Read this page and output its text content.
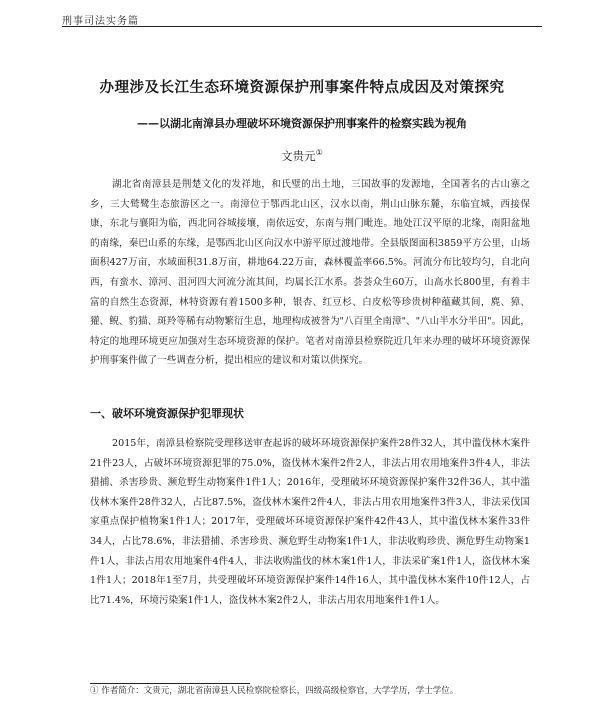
刑事司法实务篇
办理涉及长江生态环境资源保护刑事案件特点成因及对策探究
——以湖北南漳县办理破坏环境资源保护刑事案件的检察实践为视角
文贵元①

湖北省南漳县是荆楚文化的发祥地，和氏璧的出土地，三国故事的发源地，全国著名的古山寨之乡，三大鹫鹭生态旅游区之一。南漳位于鄂西北山区，汉水以南，荆山山脉东麓，东临宜城，西接保康，东北与襄阳为临，西北同谷城接壤，南依远安，东南与荆门毗连。地处江汉平原的北缘，南阳盆地的南缘，秦巴山系的东缘，是鄂西北山区向汉水中游平原过渡地带。全县版图面积3859平方公里，山场面积427万亩，水域面积31.8万亩，耕地64.22万亩，森林覆盖率66.5%。河流分布比较均匀，自北向西，有蛮水、漳河、沮河四大河流分流其间，均属长江水系。荟荟众生60万，山高水长800里，有着丰富的自然生态资源，林特资源有着1500多种，银杏、红豆杉、白皮松等珍贵树种蕴藏其间，麂、獐、獾、鲵、豹猫、斑羚等稀有动物繁衍生息，地理构成被誉为"八百里全南漳"、"八山半水分半田"。因此，特定的地理环境更应加强对生态环境资源的保护。笔者对南漳县检察院近几年来办理的破坏环境资源保护刑事案件做了一些调查分析，提出相应的建议和对策以供探究。

一、破坏环境资源保护犯罪现状

2015年，南漳县检察院受理移送审查起诉的破坏环境资源保护案件28件32人，其中滥伐林木案件21件23人，占破坏环境资源犯罪的75.0%，盗伐林木案件2件2人，非法占用农用地案件3件4人，非法猎捕、杀害珍贵、濒危野生动物案件1件1人；2016年，受理破坏环境资源保护案件32件36人，其中滥伐林木案件28件32人，占比87.5%，盗伐林木案件2件4人，非法占用农用地案件3件3人，非法采伐国家重点保护植物案1件1人；2017年，受理破坏环境资源保护案件42件43人，其中滥伐林木案件33件34人，占比78.6%，非法猎捕、杀害珍贵、濒危野生动物案1件1人，非法收购珍贵、濒危野生动物案1件1人，非法占用农用地案件4件4人，非法收购滥伐的林木案1件1人，非法采矿案1件1人，盗伐林木案1件1人；2018年1至7月，共受理破坏环境资源保护案件14件16人，其中滥伐林木案件10件12人，占比71.4%，环境污染案1件1人，盗伐林木案2件2人，非法占用农用地案件1件1人。

① 作者简介：文贵元，湖北省南漳县人民检察院检察长，四级高级检察官，大学学历，学士学位。
